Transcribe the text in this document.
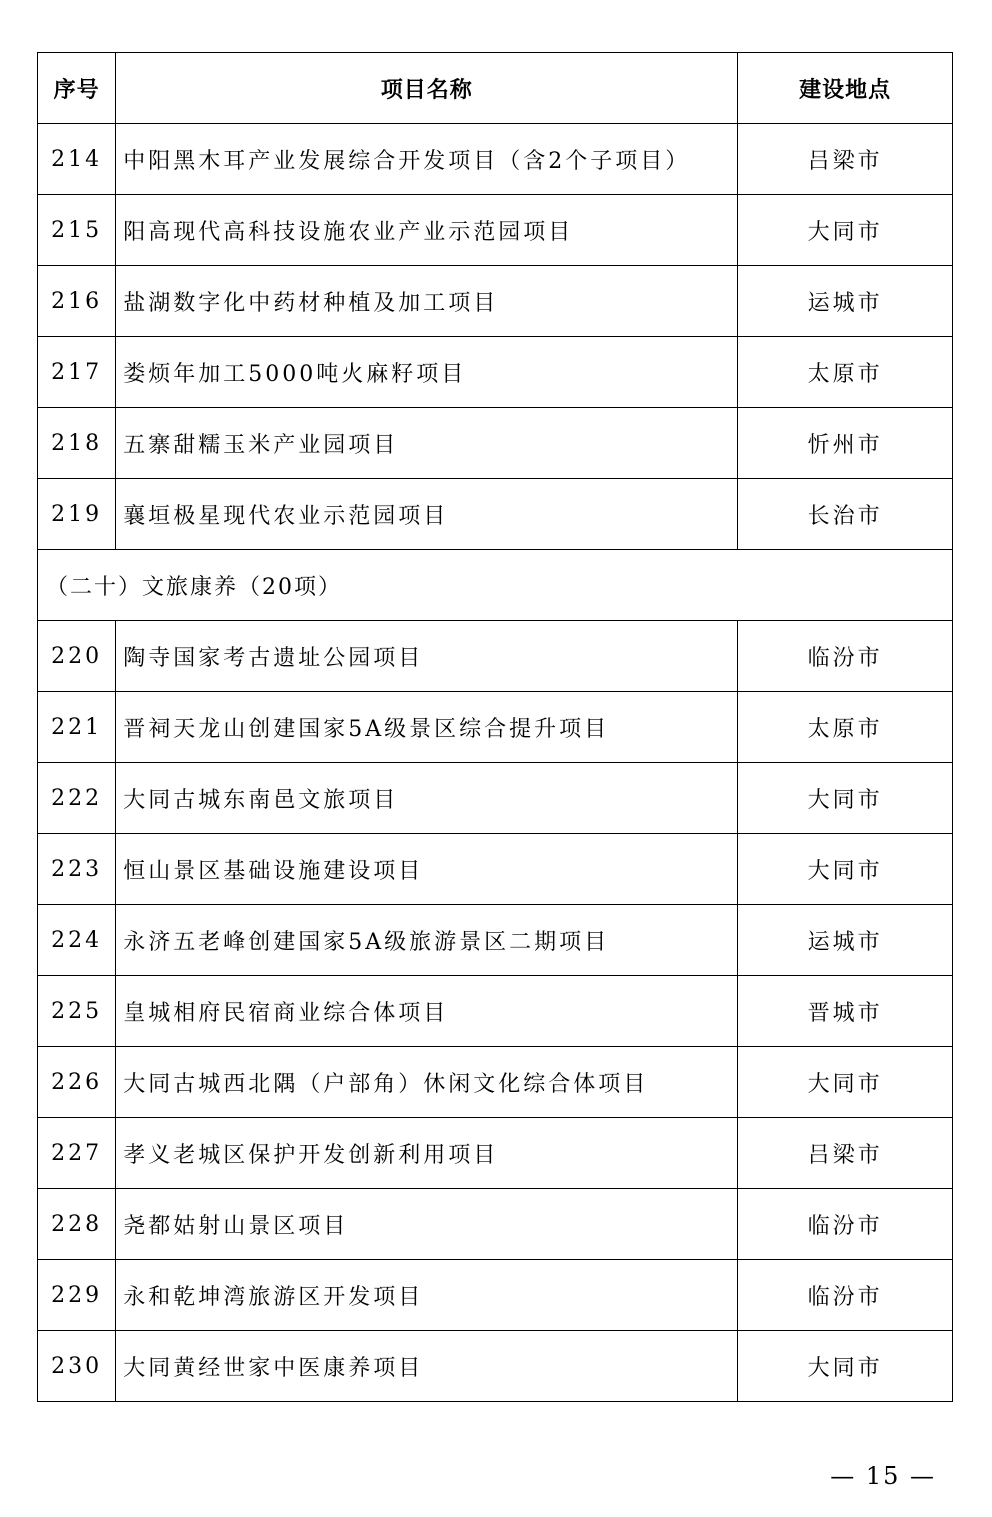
序号	项目名称	建设地点
214	中阳黑木耳产业发展综合开发项目（含2个子项目）	吕梁市
215	阳高现代高科技设施农业产业示范园项目	大同市
216	盐湖数字化中药材种植及加工项目	运城市
217	娄烦年加工5000吨火麻籽项目	太原市
218	五寨甜糯玉米产业园项目	忻州市
219	襄垣极星现代农业示范园项目	长治市
（二十）文旅康养（20项）		
220	陶寺国家考古遗址公园项目	临汾市
221	晋祠天龙山创建国家5A级景区综合提升项目	太原市
222	大同古城东南邑文旅项目	大同市
223	恒山景区基础设施建设项目	大同市
224	永济五老峰创建国家5A级旅游景区二期项目	运城市
225	皇城相府民宿商业综合体项目	晋城市
226	大同古城西北隅（户部角）休闲文化综合体项目	大同市
227	孝义老城区保护开发创新利用项目	吕梁市
228	尧都姑射山景区项目	临汾市
229	永和乾坤湾旅游区开发项目	临汾市
230	大同黄经世家中医康养项目	大同市
— 15 —
